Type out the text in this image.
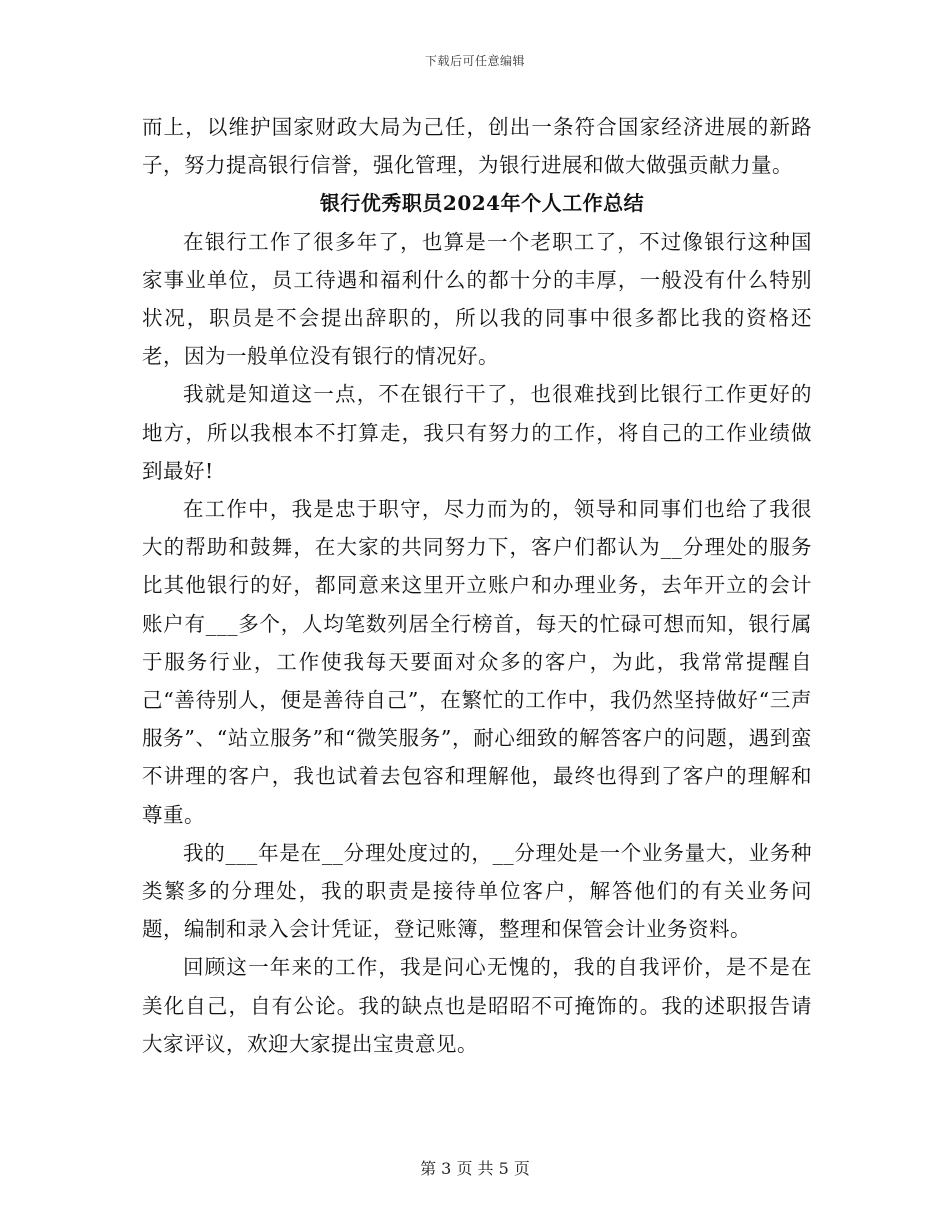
下载后可任意编辑

而上，以维护国家财政大局为己任，创出一条符合国家经济进展的新路子，努力提高银行信誉，强化管理，为银行进展和做大做强贡献力量。

银行优秀职员2024年个人工作总结

在银行工作了很多年了，也算是一个老职工了，不过像银行这种国家事业单位，员工待遇和福利什么的都十分的丰厚，一般没有什么特别状况，职员是不会提出辞职的，所以我的同事中很多都比我的资格还老，因为一般单位没有银行的情况好。

我就是知道这一点，不在银行干了，也很难找到比银行工作更好的地方，所以我根本不打算走，我只有努力的工作，将自己的工作业绩做到最好!

在工作中，我是忠于职守，尽力而为的，领导和同事们也给了我很大的帮助和鼓舞，在大家的共同努力下，客户们都认为__分理处的服务比其他银行的好，都同意来这里开立账户和办理业务，去年开立的会计账户有___多个，人均笔数列居全行榜首，每天的忙碌可想而知，银行属于服务行业，工作使我每天要面对众多的客户，为此，我常常提醒自己“善待别人，便是善待自己”，在繁忙的工作中，我仍然坚持做好“三声服务”、“站立服务”和“微笑服务”，耐心细致的解答客户的问题，遇到蛮不讲理的客户，我也试着去包容和理解他，最终也得到了客户的理解和尊重。

我的___年是在__分理处度过的，__分理处是一个业务量大，业务种类繁多的分理处，我的职责是接待单位客户，解答他们的有关业务问题，编制和录入会计凭证，登记账簿，整理和保管会计业务资料。

回顾这一年来的工作，我是问心无愧的，我的自我评价，是不是在美化自己，自有公论。我的缺点也是昭昭不可掩饰的。我的述职报告请大家评议，欢迎大家提出宝贵意见。

第 3 页 共 5 页
